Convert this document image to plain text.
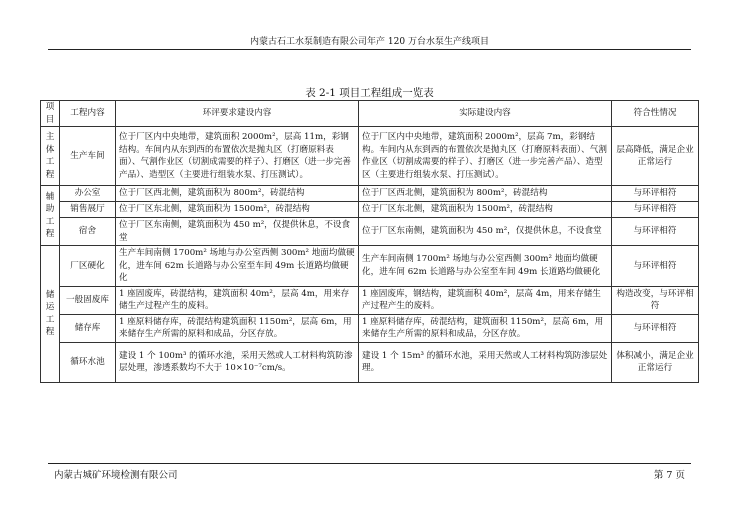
内蒙古石工水泵制造有限公司年产 120 万台水泵生产线项目
表 2-1 项目工程组成一览表
项目	工程内容	环评要求建设内容	实际建设内容	符合性情况
主体工程	生产车间	位于厂区内中央地带，建筑面积 2000m²，层高 11m，彩钢结构。车间内从东到西的布置依次是抛丸区（打磨原料表面）、气割作业区（切割成需要的样子）、打磨区（进一步完善产品）、造型区（主要进行组装水泵、打压测试）。	位于厂区内中央地带，建筑面积 2000m²，层高 7m，彩钢结构。车间内从东到西的布置依次是抛丸区（打磨原料表面）、气割作业区（切割成需要的样子）、打磨区（进一步完善产品）、造型区（主要进行组装水泵、打压测试）。	层高降低，满足企业正常运行
辅助工程	办公室	位于厂区西北侧，建筑面积为 800m²，砖混结构	位于厂区西北侧，建筑面积为 800m²，砖混结构	与环评相符
	销售展厅	位于厂区东北侧，建筑面积为 1500m²，砖混结构	位于厂区东北侧，建筑面积为 1500m²，砖混结构	与环评相符
	宿舍	位于厂区东南侧，建筑面积为 450 m²，仅提供休息，不设食堂	位于厂区东南侧，建筑面积为 450 m²，仅提供休息，不设食堂	与环评相符
储运工程	厂区硬化	生产车间南侧 1700m² 场地与办公室西侧 300m² 地面均做硬化，进车间 62m 长道路与办公室至车间 49m 长道路均做硬化	生产车间南侧 1700m² 场地与办公室西侧 300m² 地面均做硬化，进车间 62m 长道路与办公室至车间 49m 长道路均做硬化	与环评相符
	一般固废库	1 座固废库，砖混结构，建筑面积 40m²，层高 4m，用来存储生产过程产生的废料。	1 座固废库，钢结构，建筑面积 40m²，层高 4m，用来存储生产过程产生的废料。	构造改变，与环评相符
	储存库	1 座原料储存库，砖混结构建筑面积 1150m²，层高 6m，用来储存生产所需的原料和成品，分区存放。	1 座原料储存库，砖混结构，建筑面积 1150m²，层高 6m，用来储存生产所需的原料和成品，分区存放。	与环评相符
	循环水池	建设 1 个 100m³ 的循环水池，采用天然或人工材料构筑防渗层处理，渗透系数均不大于 10×10⁻⁷cm/s。	建设 1 个 15m³ 的循环水池，采用天然或人工材料构筑防渗层处理。	体积减小，满足企业正常运行
内蒙古城矿环境检测有限公司	第 7 页
